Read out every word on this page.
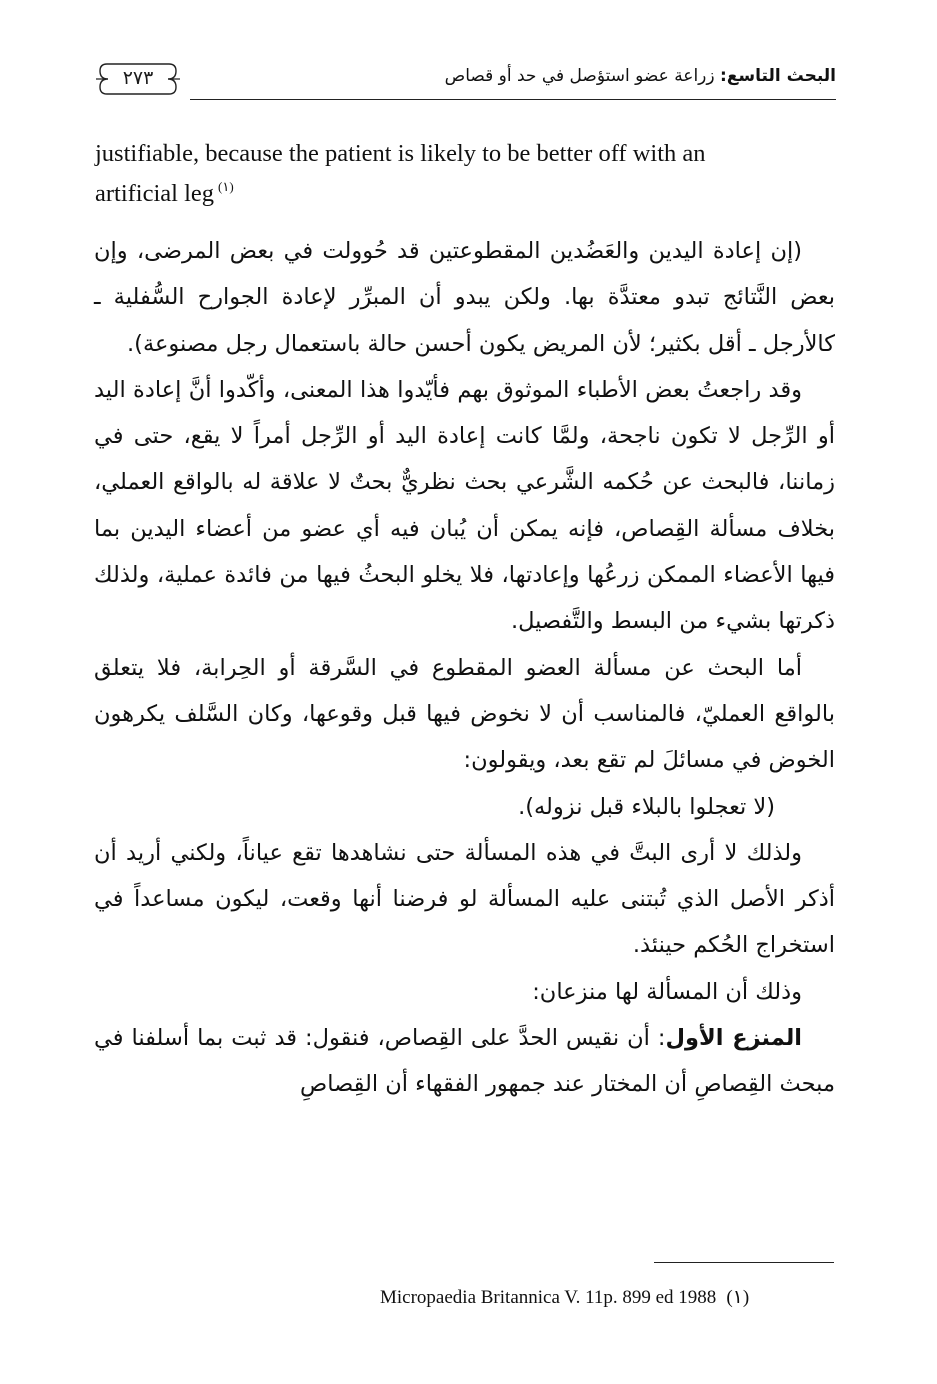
٢٧٣	البحث التاسع: زراعة عضو استؤصل في حد أو قصاص
justifiable, because the patient is likely to be better off with an
artificial leg $^{(١)}$

(إن إعادة اليدين والعَضُدين المقطوعتين قد حُوولت في بعض المرضى، وإن بعض النَّتائج تبدو معتدَّة بها. ولكن يبدو أن المبرِّر لإعادة الجوارح السُّفلية ـ كالأرجل ـ أقل بكثير؛ لأن المريض يكون أحسن حالة باستعمال رجل مصنوعة).

وقد راجعتُ بعض الأطباء الموثوق بهم فأيّدوا هذا المعنى، وأكّدوا أنَّ إعادة اليد أو الرِّجل لا تكون ناجحة، ولمَّا كانت إعادة اليد أو الرِّجل أمراً لا يقع، حتى في زماننا، فالبحث عن حُكمه الشَّرعي بحث نظريٌّ بحتٌ لا علاقة له بالواقع العملي، بخلاف مسألة القِصاص، فإنه يمكن أن يُبان فيه أي عضو من أعضاء اليدين بما فيها الأعضاء الممكن زرعُها وإعادتها، فلا يخلو البحثُ فيها من فائدة عملية، ولذلك ذكرتها بشيء من البسط والتَّفصيل.

أما البحث عن مسألة العضو المقطوع في السَّرقة أو الحِرابة، فلا يتعلق بالواقع العمليّ، فالمناسب أن لا نخوض فيها قبل وقوعها، وكان السَّلف يكرهون الخوض في مسائلَ لم تقع بعد، ويقولون:

(لا تعجلوا بالبلاء قبل نزوله).

ولذلك لا أرى البتَّ في هذه المسألة حتى نشاهدها تقع عياناً، ولكني أريد أن أذكر الأصل الذي تُبتنى عليه المسألة لو فرضنا أنها وقعت، ليكون مساعداً في استخراج الحُكم حينئذ.

وذلك أن المسألة لها منزعان:

المنزع الأول: أن نقيس الحدَّ على القِصاص، فنقول: قد ثبت بما أسلفنا في مبحث القِصاصِ أن المختار عند جمهور الفقهاء أن القِصاصِ

Micropaedia Britannica V. 11p. 899 ed 1988 (١)
